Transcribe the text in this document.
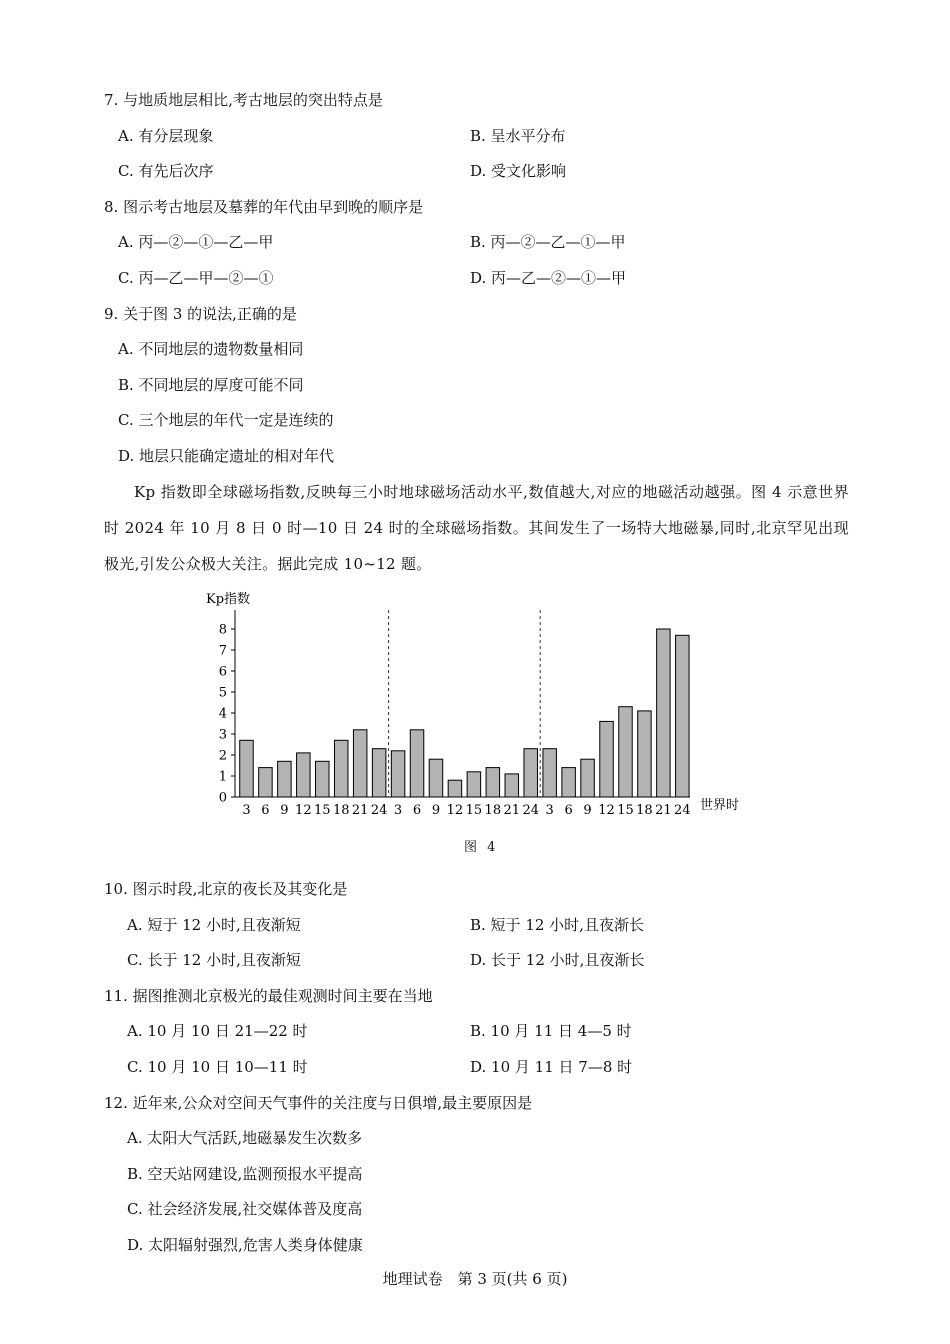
7. 与地质地层相比,考古地层的突出特点是
A. 有分层现象	B. 呈水平分布
C. 有先后次序	D. 受文化影响
8. 图示考古地层及墓葬的年代由早到晚的顺序是
A. 丙—②—①—乙—甲	B. 丙—②—乙—①—甲
C. 丙—乙—甲—②—①	D. 丙—乙—②—①—甲
9. 关于图 3 的说法,正确的是
A. 不同地层的遗物数量相同
B. 不同地层的厚度可能不同
C. 三个地层的年代一定是连续的
D. 地层只能确定遗址的相对年代

Kp 指数即全球磁场指数,反映每三小时地球磁场活动水平,数值越大,对应的地磁活动越强。图 4 示意世界时 2024 年 10 月 8 日 0 时—10 日 24 时的全球磁场指数。其间发生了一场特大地磁暴,同时,北京罕见出现极光,引发公众极大关注。据此完成 10~12 题。

Kp指数
世界时
0
1
2
3
4
5
6
7
8
3 6 9 12 15 18 21 24 3 6 9 12 15 18 21 24 3 6 9 12 15 18 21 24
图 4
10. 图示时段,北京的夜长及其变化是
A. 短于 12 小时,且夜渐短	B. 短于 12 小时,且夜渐长
C. 长于 12 小时,且夜渐短	D. 长于 12 小时,且夜渐长
11. 据图推测北京极光的最佳观测时间主要在当地
A. 10 月 10 日 21—22 时	B. 10 月 11 日 4—5 时
C. 10 月 10 日 10—11 时	D. 10 月 11 日 7—8 时
12. 近年来,公众对空间天气事件的关注度与日俱增,最主要原因是
A. 太阳大气活跃,地磁暴发生次数多
B. 空天站网建设,监测预报水平提高
C. 社会经济发展,社交媒体普及度高
D. 太阳辐射强烈,危害人类身体健康
地理试卷　第 3 页(共 6 页)
